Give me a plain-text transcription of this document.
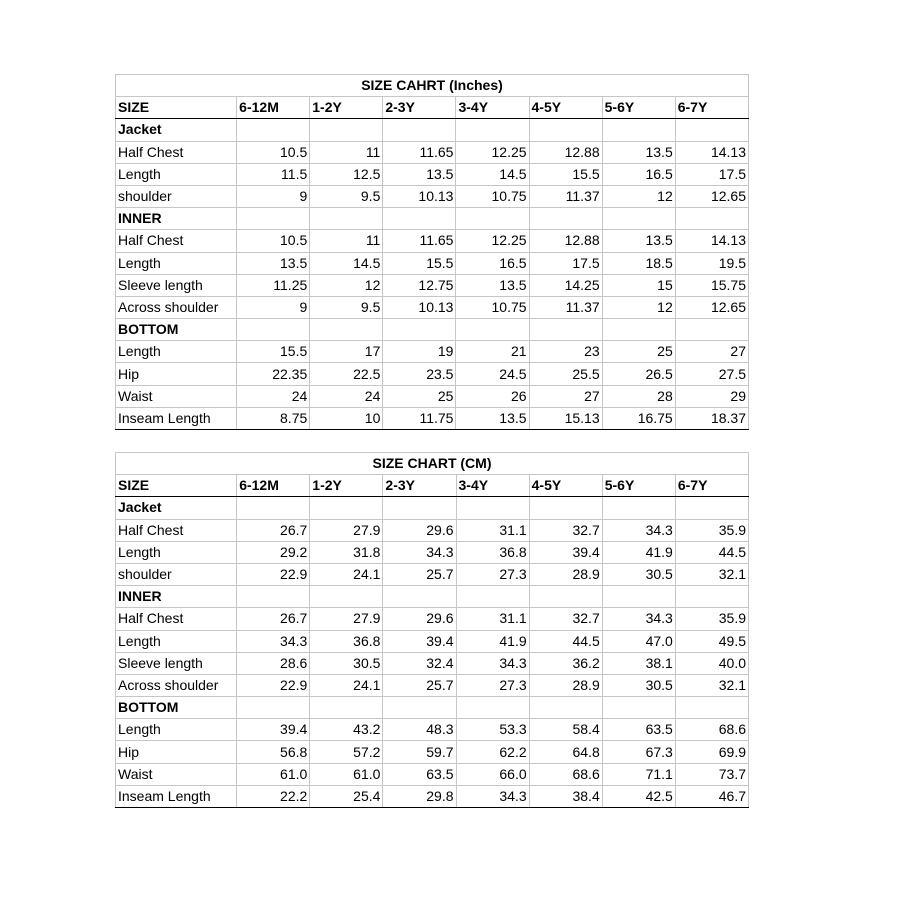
SIZE CAHRT (Inches)							
SIZE	6-12M	1-2Y	2-3Y	3-4Y	4-5Y	5-6Y	6-7Y
Jacket							
Half Chest	10.5	11	11.65	12.25	12.88	13.5	14.13
Length	11.5	12.5	13.5	14.5	15.5	16.5	17.5
shoulder	9	9.5	10.13	10.75	11.37	12	12.65
INNER							
Half Chest	10.5	11	11.65	12.25	12.88	13.5	14.13
Length	13.5	14.5	15.5	16.5	17.5	18.5	19.5
Sleeve length	11.25	12	12.75	13.5	14.25	15	15.75
Across shoulder	9	9.5	10.13	10.75	11.37	12	12.65
BOTTOM							
Length	15.5	17	19	21	23	25	27
Hip	22.35	22.5	23.5	24.5	25.5	26.5	27.5
Waist	24	24	25	26	27	28	29
Inseam Length	8.75	10	11.75	13.5	15.13	16.75	18.37
SIZE CHART (CM)							
SIZE	6-12M	1-2Y	2-3Y	3-4Y	4-5Y	5-6Y	6-7Y
Jacket							
Half Chest	26.7	27.9	29.6	31.1	32.7	34.3	35.9
Length	29.2	31.8	34.3	36.8	39.4	41.9	44.5
shoulder	22.9	24.1	25.7	27.3	28.9	30.5	32.1
INNER							
Half Chest	26.7	27.9	29.6	31.1	32.7	34.3	35.9
Length	34.3	36.8	39.4	41.9	44.5	47.0	49.5
Sleeve length	28.6	30.5	32.4	34.3	36.2	38.1	40.0
Across shoulder	22.9	24.1	25.7	27.3	28.9	30.5	32.1
BOTTOM							
Length	39.4	43.2	48.3	53.3	58.4	63.5	68.6
Hip	56.8	57.2	59.7	62.2	64.8	67.3	69.9
Waist	61.0	61.0	63.5	66.0	68.6	71.1	73.7
Inseam Length	22.2	25.4	29.8	34.3	38.4	42.5	46.7
